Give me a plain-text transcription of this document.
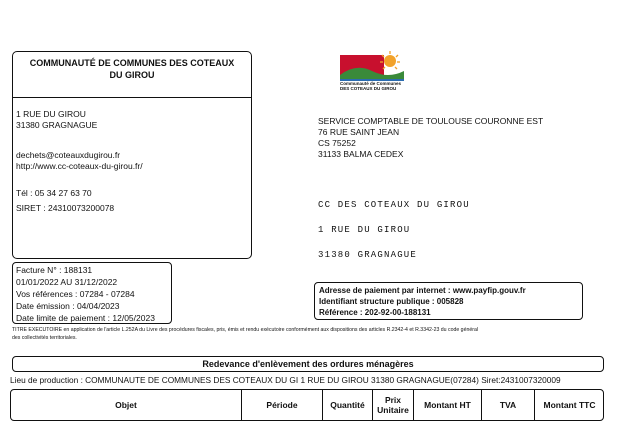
COMMUNAUTÉ DE COMMUNES DES COTEAUX
DU GIROU
1 RUE DU GIROU
31380 GRAGNAGUE
dechets@coteauxdugirou.fr
http://www.cc-coteaux-du-girou.fr/
Tél : 05 34 27 63 70
SIRET : 24310073200078
Communauté de Communes
DES COTEAUX DU GIROU
SERVICE COMPTABLE DE TOULOUSE COURONNE EST
76 RUE SAINT JEAN
CS 75252
31133 BALMA CEDEX
CC DES COTEAUX DU GIROU
1 RUE DU GIROU
31380 GRAGNAGUE
Facture N° : 188131
01/01/2022 AU 31/12/2022
Vos références : 07284 - 07284
Date émission : 04/04/2023
Date limite de paiement : 12/05/2023
Adresse de paiement par internet : www.payfip.gouv.fr
Identifiant structure publique : 005828
Référence : 202-92-00-188131
TITRE EXECUTOIRE en application de l'article L.252A du Livre des procédures fiscales, pris, émis et rendu exécutoire conformément aux dispositions des articles R.2342-4 et R.3342-23 du code général
des collectivités territoriales.
Redevance d'enlèvement des ordures ménagères
Lieu de production : COMMUNAUTE DE COMMUNES DES COTEAUX DU GI 1 RUE DU GIROU 31380 GRAGNAGUE(07284) Siret:2431007320009
Objet	Période	Quantité	Prix Unitaire	Montant HT	TVA	Montant TTC
